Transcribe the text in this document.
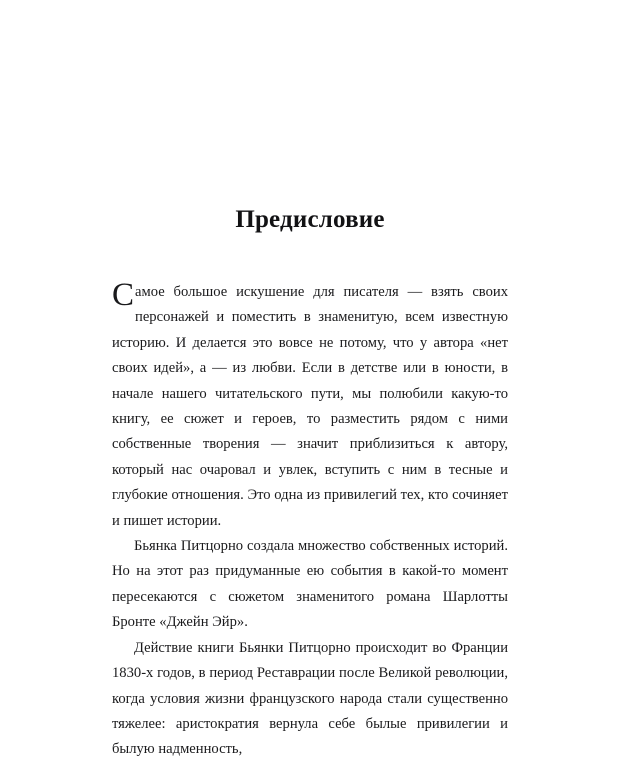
Предисловие

Самое большое искушение для писателя — взять своих персонажей и поместить в знаменитую, всем известную историю. И делается это вовсе не потому, что у автора «нет своих идей», а — из любви. Если в детстве или в юности, в начале нашего читательского пути, мы полюбили какую-то книгу, ее сюжет и героев, то разместить рядом с ними собственные творения — значит приблизиться к автору, который нас очаровал и увлек, вступить с ним в тесные и глубокие отношения. Это одна из привилегий тех, кто сочиняет и пишет истории.

Бьянка Питцорно создала множество собственных историй. Но на этот раз придуманные ею события в какой-то момент пересекаются с сюжетом знаменитого романа Шарлотты Бронте «Джейн Эйр».

Действие книги Бьянки Питцорно происходит во Франции 1830-х годов, в период Реставрации после Великой революции, когда условия жизни французского народа стали существенно тяжелее: аристократия вернула себе былые привилегии и былую надменность,
